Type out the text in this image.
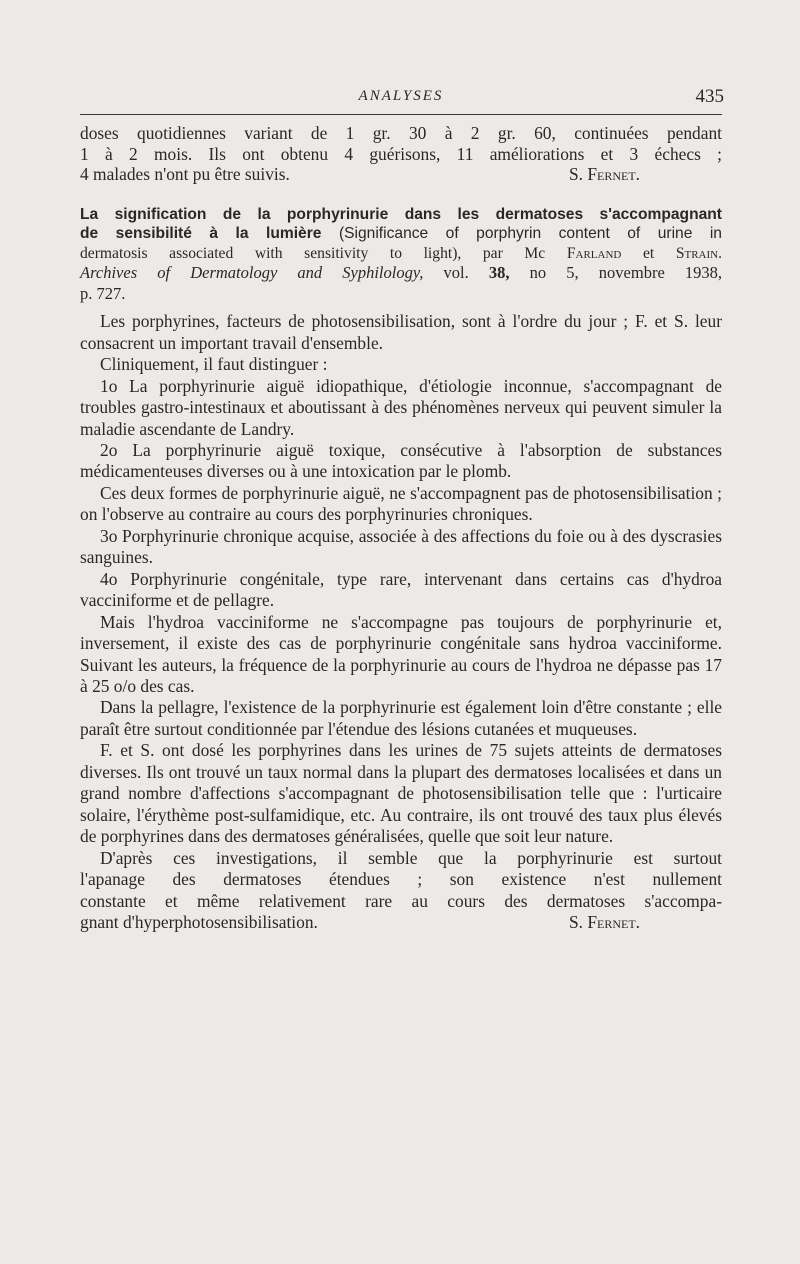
ANALYSES	435

doses quotidiennes variant de 1 gr. 30 à 2 gr. 60, continuées pendant

1 à 2 mois. Ils ont obtenu 4 guérisons, 11 améliorations et 3 échecs ;

4 malades n'ont pu être suivis.	S. Fernet.
La signification de la porphyrinurie dans les dermatoses s'accompagnant
de sensibilité à la lumière (Significance of porphyrin content of urine in
dermatosis associated with sensitivity to light), par Mc Farland et Strain.
Archives of Dermatology and Syphilology, vol. 38, no 5, novembre 1938,
p. 727.

Les porphyrines, facteurs de photosensibilisation, sont à l'ordre du jour ; F. et S. leur consacrent un important travail d'ensemble.

Cliniquement, il faut distinguer :

1o La porphyrinurie aiguë idiopathique, d'étiologie inconnue, s'accompagnant de troubles gastro-intestinaux et aboutissant à des phénomènes nerveux qui peuvent simuler la maladie ascendante de Landry.

2o La porphyrinurie aiguë toxique, consécutive à l'absorption de substances médicamenteuses diverses ou à une intoxication par le plomb.

Ces deux formes de porphyrinurie aiguë, ne s'accompagnent pas de photosensibilisation ; on l'observe au contraire au cours des porphyrinuries chroniques.

3o Porphyrinurie chronique acquise, associée à des affections du foie ou à des dyscrasies sanguines.

4o Porphyrinurie congénitale, type rare, intervenant dans certains cas d'hydroa vacciniforme et de pellagre.

Mais l'hydroa vacciniforme ne s'accompagne pas toujours de porphyrinurie et, inversement, il existe des cas de porphyrinurie congénitale sans hydroa vacciniforme. Suivant les auteurs, la fréquence de la porphyrinurie au cours de l'hydroa ne dépasse pas 17 à 25 o/o des cas.

Dans la pellagre, l'existence de la porphyrinurie est également loin d'être constante ; elle paraît être surtout conditionnée par l'étendue des lésions cutanées et muqueuses.

F. et S. ont dosé les porphyrines dans les urines de 75 sujets atteints de dermatoses diverses. Ils ont trouvé un taux normal dans la plupart des dermatoses localisées et dans un grand nombre d'affections s'accompagnant de photosensibilisation telle que : l'urticaire solaire, l'érythème post-sulfamidique, etc. Au contraire, ils ont trouvé des taux plus élevés de porphyrines dans des dermatoses généralisées, quelle que soit leur nature.

D'après ces investigations, il semble que la porphyrinurie est surtout

l'apanage des dermatoses étendues ; son existence n'est nullement

constante et même relativement rare au cours des dermatoses s'accompa-

gnant d'hyperphotosensibilisation.	S. Fernet.
